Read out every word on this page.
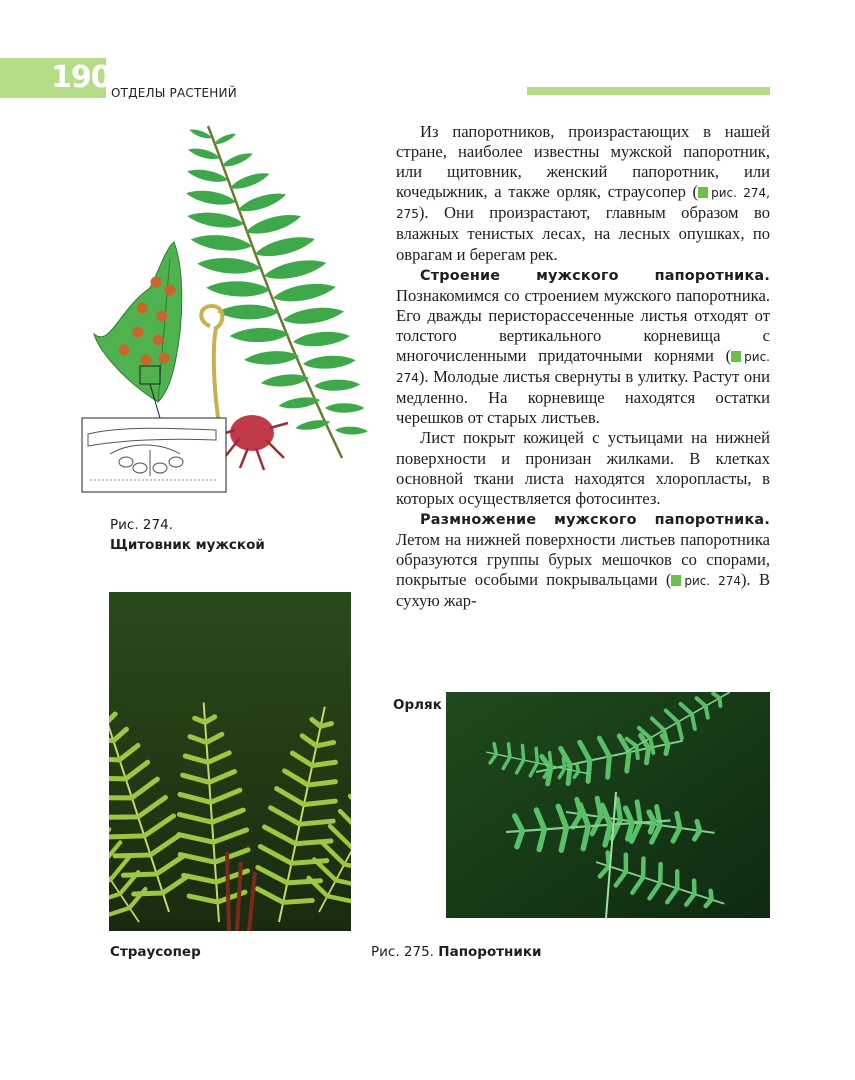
190 ОТДЕЛЫ РАСТЕНИЙ
Рис. 274.
Щитовник мужской

Из папоротников, произрастающих в нашей стране, наиболее известны мужской папоротник, или щитовник, женский папоротник, или кочедыжник, а также орляк, страусопер ( рис. 274, 275). Они произрастают, главным образом во влажных тенистых лесах, на лесных опушках, по оврагам и берегам рек.

Строение мужского папоротника. Познакомимся со строением мужского папоротника. Его дважды перисторассеченные листья отходят от толстого вертикального корневища с многочисленными придаточными корнями ( рис. 274). Молодые листья свернуты в улитку. Растут они медленно. На корневище находятся остатки черешков от старых листьев.

Лист покрыт кожицей с устьицами на нижней поверхности и пронизан жилками. В клетках основной ткани листа находятся хлоропласты, в которых осуществляется фотосинтез.

Размножение мужского папоротника. Летом на нижней поверхности листьев папоротника образуются группы бурых мешочков со спорами, покрытые особыми покрывальцами ( рис. 274). В сухую жар-

Орляк
Страусопер	Рис. 275. Папоротники
